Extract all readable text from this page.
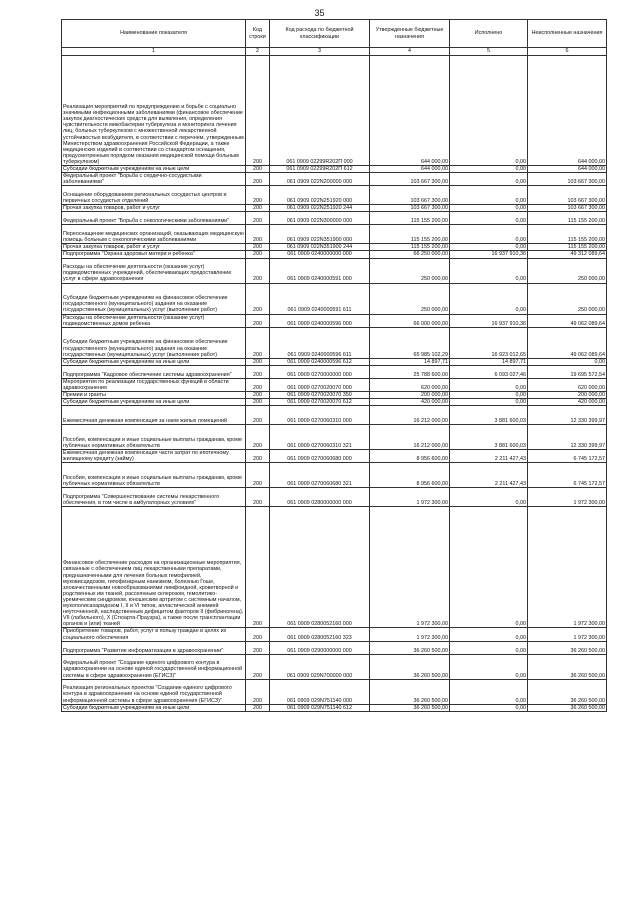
35
Наименование показателя	Код строки	Код расхода по бюджетной классификации	Утвержденные бюджетные назначения	Исполнено	Неисполненные назначения
1	2	3	4	5	6
Реализация мероприятий по предупреждению и борьбе с социально значимыми инфекционными заболеваниями (финансовое обеспечение закупок диагностических средств для выявления, определения чувствительности микобактерии туберкулеза и мониторинга лечения лиц, больных туберкулезом с множественной лекарственной устойчивостью возбудителя, в соответствии с перечнем, утвержденным Министерством здравоохранения Российской Федерации, а также медицинских изделий в соответствии со стандартом оснащения, предусмотренным порядком оказания медицинской помощи больным туберкулезом)	200	061 0909 02299R202П 000	644 000,00	0,00	644 000,00
Субсидии бюджетным учреждениям на иные цели	200	061 0909 02299R202П 612	644 000,00	0,00	644 000,00
Федеральный проект "Борьба с сердечно-сосудистыми заболеваниями"	200	061 0909 022N200000 000	103 667 300,00	0,00	103 667 300,00
Оснащение оборудованием региональных сосудистых центров и первичных сосудистых отделений	200	061 0909 022N251920 000	103 667 300,00	0,00	103 667 300,00
Прочая закупка товаров, работ и услуг	200	061 0909 022N251920 244	103 667 300,00	0,00	103 667 300,00
Федеральный проект "Борьба с онкологическими заболеваниями"	200	061 0909 022N300000 000	115 155 200,00	0,00	115 155 200,00
Переоснащение медицинских организаций, оказывающих медицинскую помощь больным с онкологическими заболеваниями	200	061 0909 022N351900 000	115 155 200,00	0,00	115 155 200,00
Прочая закупка товаров, работ и услуг	200	061 0909 022N351900 244	115 155 200,00	0,00	115 155 200,00
Подпрограмма "Охрана здоровья матери и ребенка"	200	061 0909 0240000000 000	66 250 000,00	16 937 910,36	49 312 089,64
Расходы на обеспечение деятельности (оказание услуг) подведомственных учреждений, обеспечивающих предоставление услуг в сфере здравоохранения	200	061 0909 0240000591 000	250 000,00	0,00	250 000,00
Субсидии бюджетным учреждениям на финансовое обеспечение государственного (муниципального) задания на оказание государственных (муниципальных) услуг (выполнение работ)	200	061 0909 0240000591 611	250 000,00	0,00	250 000,00
Расходы на обеспечение деятельности (оказание услуг) подведомственных домов ребенка	200	061 0909 0240000596 000	66 000 000,00	16 937 910,36	49 062 089,64
Субсидии бюджетным учреждениям на финансовое обеспечение государственного (муниципального) задания на оказание государственных (муниципальных) услуг (выполнение работ)	200	061 0909 0240000596 611	65 985 102,29	16 923 012,65	49 062 089,64
Субсидии бюджетным учреждениям на иные цели	200	061 0909 0240000596 612	14 897,71	14 897,71	0,00
Подпрограмма "Кадровое обеспечение системы здравоохранения"	200	061 0909 0270000000 000	25 788 600,00	6 093 027,46	19 695 572,54
Мероприятия по реализации государственных функций в области здравоохранения	200	061 0909 0270020070 000	620 000,00	0,00	620 000,00
Премии и гранты	200	061 0909 0270020070 350	200 000,00	0,00	200 000,00
Субсидии бюджетным учреждениям на иные цели	200	061 0909 0270020070 612	420 000,00	0,00	420 000,00
Ежемесячная денежная компенсация за наем жилых помещений	200	061 0909 0270060310 000	16 212 000,00	3 881 600,03	12 330 399,97
Пособия, компенсации и иные социальные выплаты гражданам, кроме публичных нормативных обязательств	200	061 0909 0270060310 321	16 212 000,00	3 881 600,03	12 330 399,97
Ежемесячная денежная компенсация части затрат по ипотечному жилищному кредиту (займу)	200	061 0909 0270060680 000	8 956 600,00	2 211 427,43	6 745 172,57
Пособия, компенсации и иные социальные выплаты гражданам, кроме публичных нормативных обязательств	200	061 0909 0270060680 321	8 956 600,00	2 211 427,43	6 745 172,57
Подпрограмма "Совершенствование системы лекарственного обеспечения, в том числе в амбулаторных условиях"	200	061 0909 0280000000 000	1 972 300,00	0,00	1 972 300,00
Финансовое обеспечение расходов на организационные мероприятия, связанные с обеспечением лиц лекарственными препаратами, предназначенными для лечения больных гемофилией, муковисцидозом, гипофизарным нанизмом, болезнью Гоше, злокачественными новообразованиями лимфоидной, кроветворной и родственных им тканей, рассеянным склерозом, гемолитико-уремическим синдромом, юношеским артритом с системным началом, мукополисахаридозом I, II и VI типов, апластической анемией неуточненной, наследственным дефицитом факторов II (фибриногена), VII (лабильного), X (Стюарта-Прауэра), а также после трансплантации органов и (или) тканей	200	061 0909 0280052160 000	1 972 300,00	0,00	1 972 300,00
Приобретение товаров, работ, услуг в пользу граждан в целях их социального обеспечения	200	061 0909 0280052160 323	1 972 300,00	0,00	1 972 300,00
Подпрограмма "Развитие информатизации в здравоохранении"	200	061 0909 0290000000 000	36 260 500,00	0,00	36 260 500,00
Федеральный проект "Создание единого цифрового контура в здравоохранении на основе единой государственной информационной системы в сфере здравоохранения (ЕГИСЗ)"	200	061 0909 029N700000 000	36 260 500,00	0,00	36 260 500,00
Реализация региональных проектов "Создание единого цифрового контура в здравоохранении на основе единой государственной информационной системы в сфере здравоохранения (ЕГИСЗ)"	200	061 0909 029N751140 000	36 260 500,00	0,00	36 260 500,00
Субсидии бюджетным учреждениям на иные цели	200	061 0909 029N751140 612	36 260 500,00	0,00	36 260 500,00
